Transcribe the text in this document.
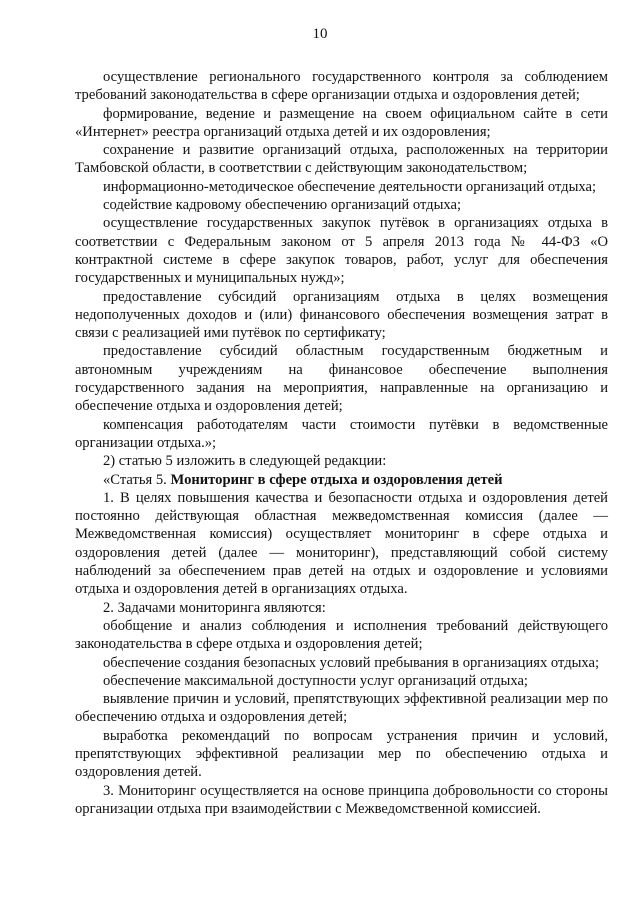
10

осуществление регионального государственного контроля за соблюдением требований законодательства в сфере организации отдыха и оздоровления детей;

формирование, ведение и размещение на своем официальном сайте в сети «Интернет» реестра организаций отдыха детей и их оздоровления;

сохранение и развитие организаций отдыха, расположенных на территории Тамбовской области, в соответствии с действующим законодательством;

информационно-методическое обеспечение деятельности организаций отдыха;

содействие кадровому обеспечению организаций отдыха;

осуществление государственных закупок путёвок в организациях отдыха в соответствии с Федеральным законом от 5 апреля 2013 года № 44-ФЗ «О контрактной системе в сфере закупок товаров, работ, услуг для обеспечения государственных и муниципальных нужд»;

предоставление субсидий организациям отдыха в целях возмещения недополученных доходов и (или) финансового обеспечения возмещения затрат в связи с реализацией ими путёвок по сертификату;

предоставление субсидий областным государственным бюджетным и автономным учреждениям на финансовое обеспечение выполнения государственного задания на мероприятия, направленные на организацию и обеспечение отдыха и оздоровления детей;

компенсация работодателям части стоимости путёвки в ведомственные организации отдыха.»;

2) статью 5 изложить в следующей редакции:

«Статья 5. Мониторинг в сфере отдыха и оздоровления детей

1. В целях повышения качества и безопасности отдыха и оздоровления детей постоянно действующая областная межведомственная комиссия (далее — Межведомственная комиссия) осуществляет мониторинг в сфере отдыха и оздоровления детей (далее — мониторинг), представляющий собой систему наблюдений за обеспечением прав детей на отдых и оздоровление и условиями отдыха и оздоровления детей в организациях отдыха.

2. Задачами мониторинга являются:

обобщение и анализ соблюдения и исполнения требований действующего законодательства в сфере отдыха и оздоровления детей;

обеспечение создания безопасных условий пребывания в организациях отдыха;

обеспечение максимальной доступности услуг организаций отдыха;

выявление причин и условий, препятствующих эффективной реализации мер по обеспечению отдыха и оздоровления детей;

выработка рекомендаций по вопросам устранения причин и условий, препятствующих эффективной реализации мер по обеспечению отдыха и оздоровления детей.

3. Мониторинг осуществляется на основе принципа добровольности со стороны организации отдыха при взаимодействии с Межведомственной комиссией.
